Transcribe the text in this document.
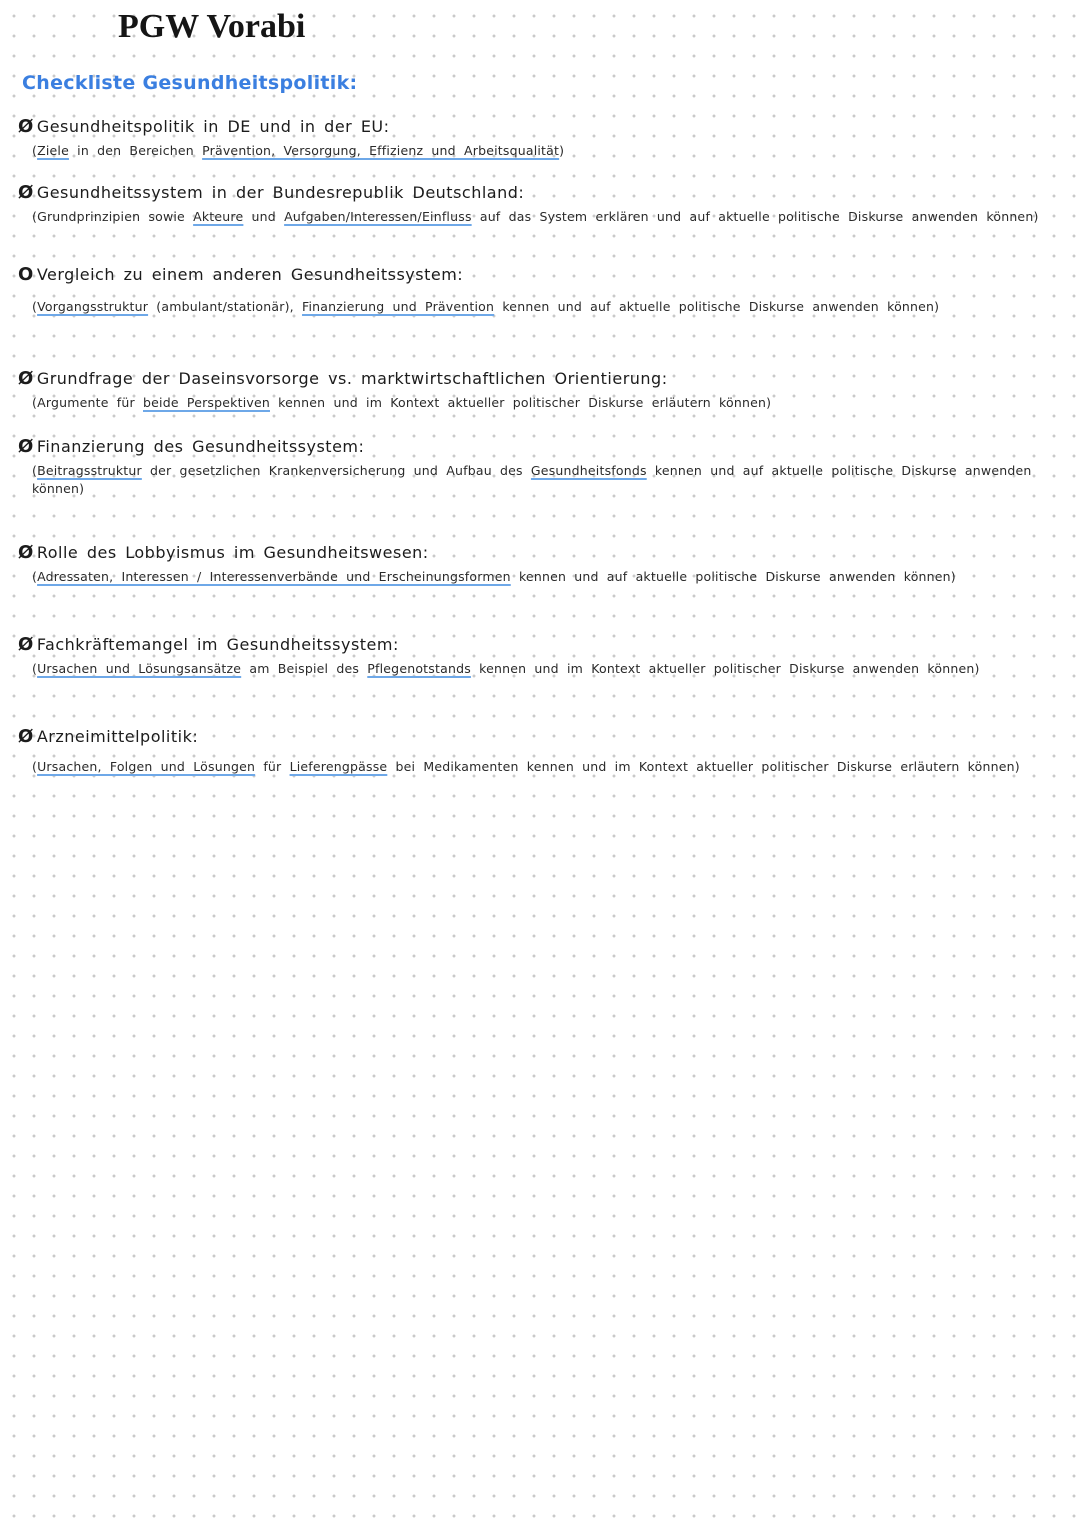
PGW Vorabi
Checkliste Gesundheitspolitik:
Ø Gesundheitspolitik in DE und in der EU:
(Ziele in den Bereichen Prävention, Versorgung, Effizienz und Arbeitsqualität)
Ø Gesundheitssystem in der Bundesrepublik Deutschland:
(Grundprinzipien sowie Akteure und Aufgaben/Interessen/Einfluss auf das System erklären und auf aktuelle politische Diskurse anwenden können)
O Vergleich zu einem anderen Gesundheitssystem:
(Vorgangsstruktur (ambulant/stationär), Finanzierung und Prävention kennen und auf aktuelle politische Diskurse anwenden können)
Ø Grundfrage der Daseinsvorsorge vs. marktwirtschaftlichen Orientierung:
(Argumente für beide Perspektiven kennen und im Kontext aktueller politischer Diskurse erläutern können)
Ø Finanzierung des Gesundheitssystem:
(Beitragsstruktur der gesetzlichen Krankenversicherung und Aufbau des Gesundheitsfonds kennen und auf aktuelle politische Diskurse anwenden können)
Ø Rolle des Lobbyismus im Gesundheitswesen:
(Adressaten, Interessen / Interessenverbände und Erscheinungsformen kennen und auf aktuelle politische Diskurse anwenden können)
Ø Fachkräftemangel im Gesundheitssystem:
(Ursachen und Lösungsansätze am Beispiel des Pflegenotstands kennen und im Kontext aktueller politischer Diskurse anwenden können)
Ø Arzneimittelpolitik:
(Ursachen, Folgen und Lösungen für Lieferengpässe bei Medikamenten kennen und im Kontext aktueller politischer Diskurse erläutern können)
